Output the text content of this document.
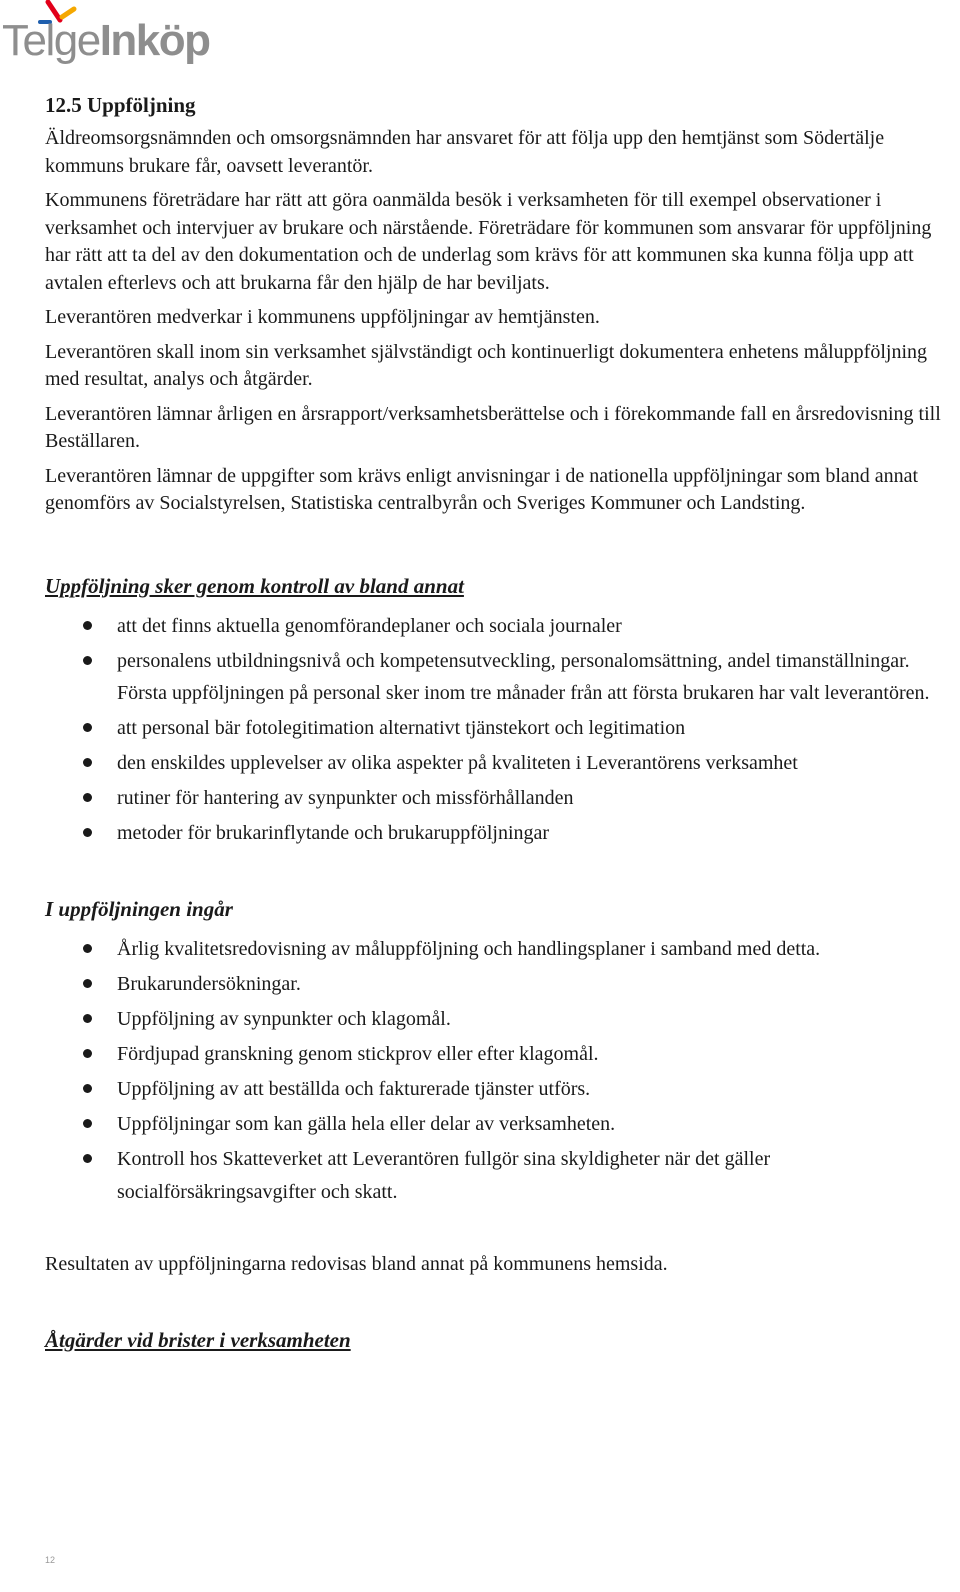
TelgeInköp
12.5 Uppföljning

Äldreomsorgsnämnden och omsorgsnämnden har ansvaret för att följa upp den hemtjänst som Södertälje kommuns brukare får, oavsett leverantör.

Kommunens företrädare har rätt att göra oanmälda besök i verksamheten för till exempel observationer i verksamhet och intervjuer av brukare och närstående. Företrädare för kommunen som ansvarar för uppföljning har rätt att ta del av den dokumentation och de underlag som krävs för att kommunen ska kunna följa upp att avtalen efterlevs och att brukarna får den hjälp de har beviljats.

Leverantören medverkar i kommunens uppföljningar av hemtjänsten.

Leverantören skall inom sin verksamhet självständigt och kontinuerligt dokumentera enhetens måluppföljning med resultat, analys och åtgärder.

Leverantören lämnar årligen en årsrapport/verksamhetsberättelse och i förekommande fall en årsredovisning till Beställaren.

Leverantören lämnar de uppgifter som krävs enligt anvisningar i de nationella uppföljningar som bland annat genomförs av Socialstyrelsen, Statistiska centralbyrån och Sveriges Kommuner och Landsting.

Uppföljning sker genom kontroll av bland annat
att det finns aktuella genomförandeplaner och sociala journaler
personalens utbildningsnivå och kompetensutveckling, personalomsättning, andel timanställningar. Första uppföljningen på personal sker inom tre månader från att första brukaren har valt leverantören.
att personal bär fotolegitimation alternativt tjänstekort och legitimation
den enskildes upplevelser av olika aspekter på kvaliteten i Leverantörens verksamhet
rutiner för hantering av synpunkter och missförhållanden
metoder för brukarinflytande och brukaruppföljningar
I uppföljningen ingår
Årlig kvalitetsredovisning av måluppföljning och handlingsplaner i samband med detta.
Brukarundersökningar.
Uppföljning av synpunkter och klagomål.
Fördjupad granskning genom stickprov eller efter klagomål.
Uppföljning av att beställda och fakturerade tjänster utförs.
Uppföljningar som kan gälla hela eller delar av verksamheten.
Kontroll hos Skatteverket att Leverantören fullgör sina skyldigheter när det gäller socialförsäkringsavgifter och skatt.

Resultaten av uppföljningarna redovisas bland annat på kommunens hemsida.

Åtgärder vid brister i verksamheten
12
